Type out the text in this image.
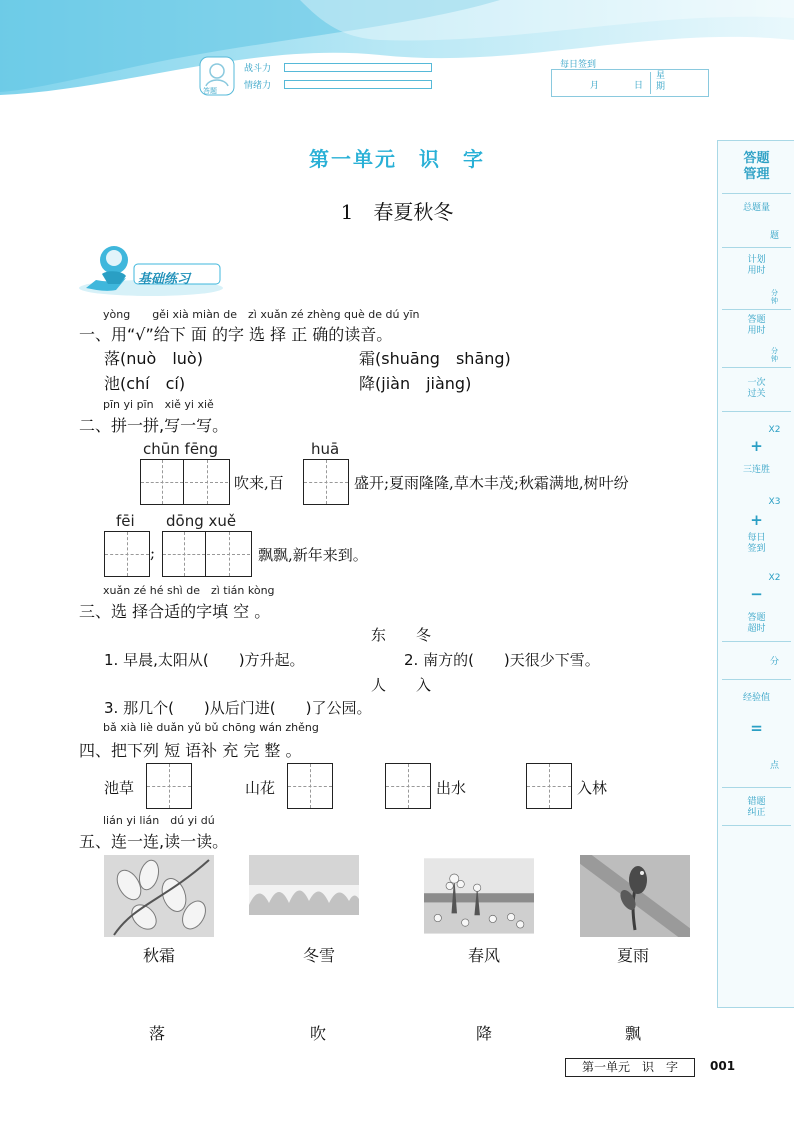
答题
战斗力
情绪力
每日签到
月	日
星
期
第一单元　识　字
1　春夏秋冬
基础练习
yòng　　gěi xià miàn de　zì xuǎn zé zhèng què de dú yīn
一、用“√”给下 面 的字 选 择 正 确的读音。
落(nuò　luò)	霜(shuāng　shāng)
池(chí　cí)	降(jiàn　jiàng)
pīn yi pīn　xiě yi xiě
二、拼一拼,写一写。
chūn fēng	huā
吹来,百	盛开;夏雨隆隆,草木丰茂;秋霜满地,树叶纷
fēi dōng xuě
;	飘飘,新年来到。
xuǎn zé hé shì de　zì tián kòng
三、选 择合适的字填 空 。
东　　冬
1. 早晨,太阳从(　　)方升起。	2. 南方的(　　)天很少下雪。
人　　入
3. 那几个(　　)从后门进(　　)了公园。
bǎ xià liè duǎn yǔ bǔ chōng wán zhěng
四、把下列 短 语补 充 完 整 。
池草	山花	出水	入林
lián yi lián　dú yi dú
五、连一连,读一读。
秋霜	冬雪	春风	夏雨
落	吹	降	飘
答题
管理
总题量
题
计划
用时
分
钟
答题
用时
分
钟
一次
过关
X2
+
三连胜
X3
+
每日
签到
X2
−
答题
超时
分
经验值
=
点
错题
纠正
第一单元　识　字	001
